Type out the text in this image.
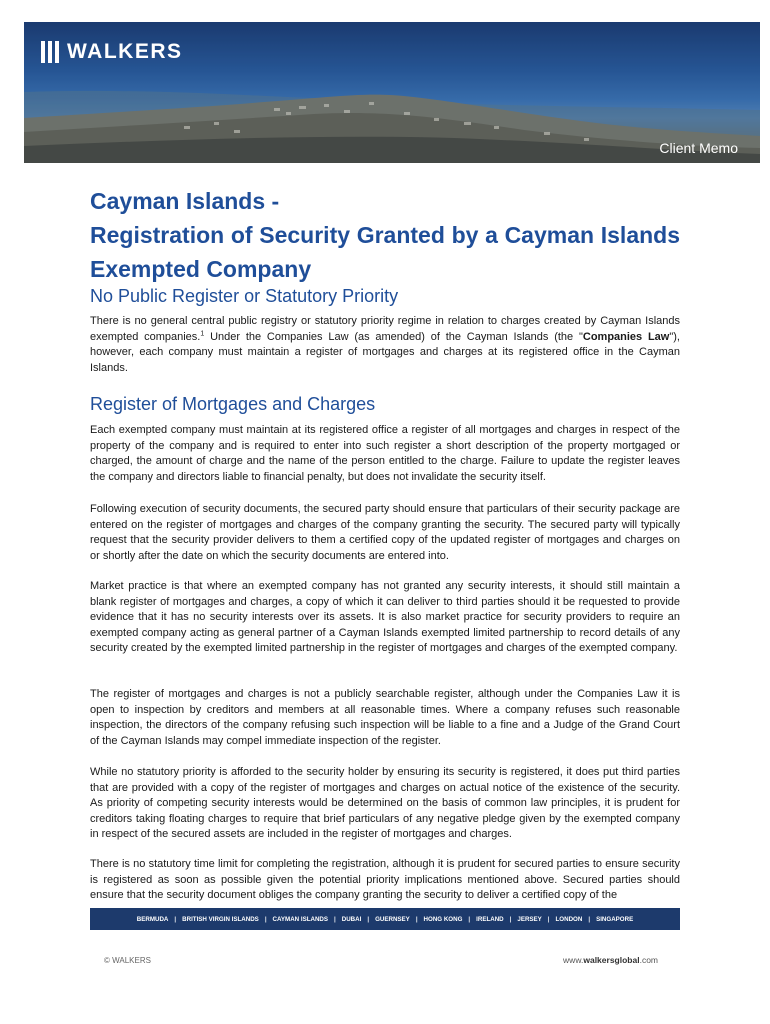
WALKERS
Client Memo
Cayman Islands -
Registration of Security Granted by a Cayman Islands
Exempted Company
No Public Register or Statutory Priority

There is no general central public registry or statutory priority regime in relation to charges created by Cayman Islands exempted companies.$^1$ Under the Companies Law (as amended) of the Cayman Islands (the "Companies Law"), however, each company must maintain a register of mortgages and charges at its registered office in the Cayman Islands.

Register of Mortgages and Charges

Each exempted company must maintain at its registered office a register of all mortgages and charges in respect of the property of the company and is required to enter into such register a short description of the property mortgaged or charged, the amount of charge and the name of the person entitled to the charge. Failure to update the register leaves the company and directors liable to financial penalty, but does not invalidate the security itself.

Following execution of security documents, the secured party should ensure that particulars of their security package are entered on the register of mortgages and charges of the company granting the security. The secured party will typically request that the security provider delivers to them a certified copy of the updated register of mortgages and charges on or shortly after the date on which the security documents are entered into.

Market practice is that where an exempted company has not granted any security interests, it should still maintain a blank register of mortgages and charges, a copy of which it can deliver to third parties should it be requested to provide evidence that it has no security interests over its assets. It is also market practice for security providers to require an exempted company acting as general partner of a Cayman Islands exempted limited partnership to record details of any security created by the exempted limited partnership in the register of mortgages and charges of the exempted company.

The register of mortgages and charges is not a publicly searchable register, although under the Companies Law it is open to inspection by creditors and members at all reasonable times. Where a company refuses such reasonable inspection, the directors of the company refusing such inspection will be liable to a fine and a Judge of the Grand Court of the Cayman Islands may compel immediate inspection of the register.

While no statutory priority is afforded to the security holder by ensuring its security is registered, it does put third parties that are provided with a copy of the register of mortgages and charges on actual notice of the existence of the security. As priority of competing security interests would be determined on the basis of common law principles, it is prudent for creditors taking floating charges to require that brief particulars of any negative pledge given by the exempted company in respect of the secured assets are included in the register of mortgages and charges.

There is no statutory time limit for completing the registration, although it is prudent for secured parties to ensure security is registered as soon as possible given the potential priority implications mentioned above. Secured parties should ensure that the security document obliges the company granting the security to deliver a certified copy of the

BERMUDA | BRITISH VIRGIN ISLANDS | CAYMAN ISLANDS | DUBAI | GUERNSEY | HONG KONG | IRELAND | JERSEY | LONDON | SINGAPORE
© WALKERS	www.walkersglobal.com
